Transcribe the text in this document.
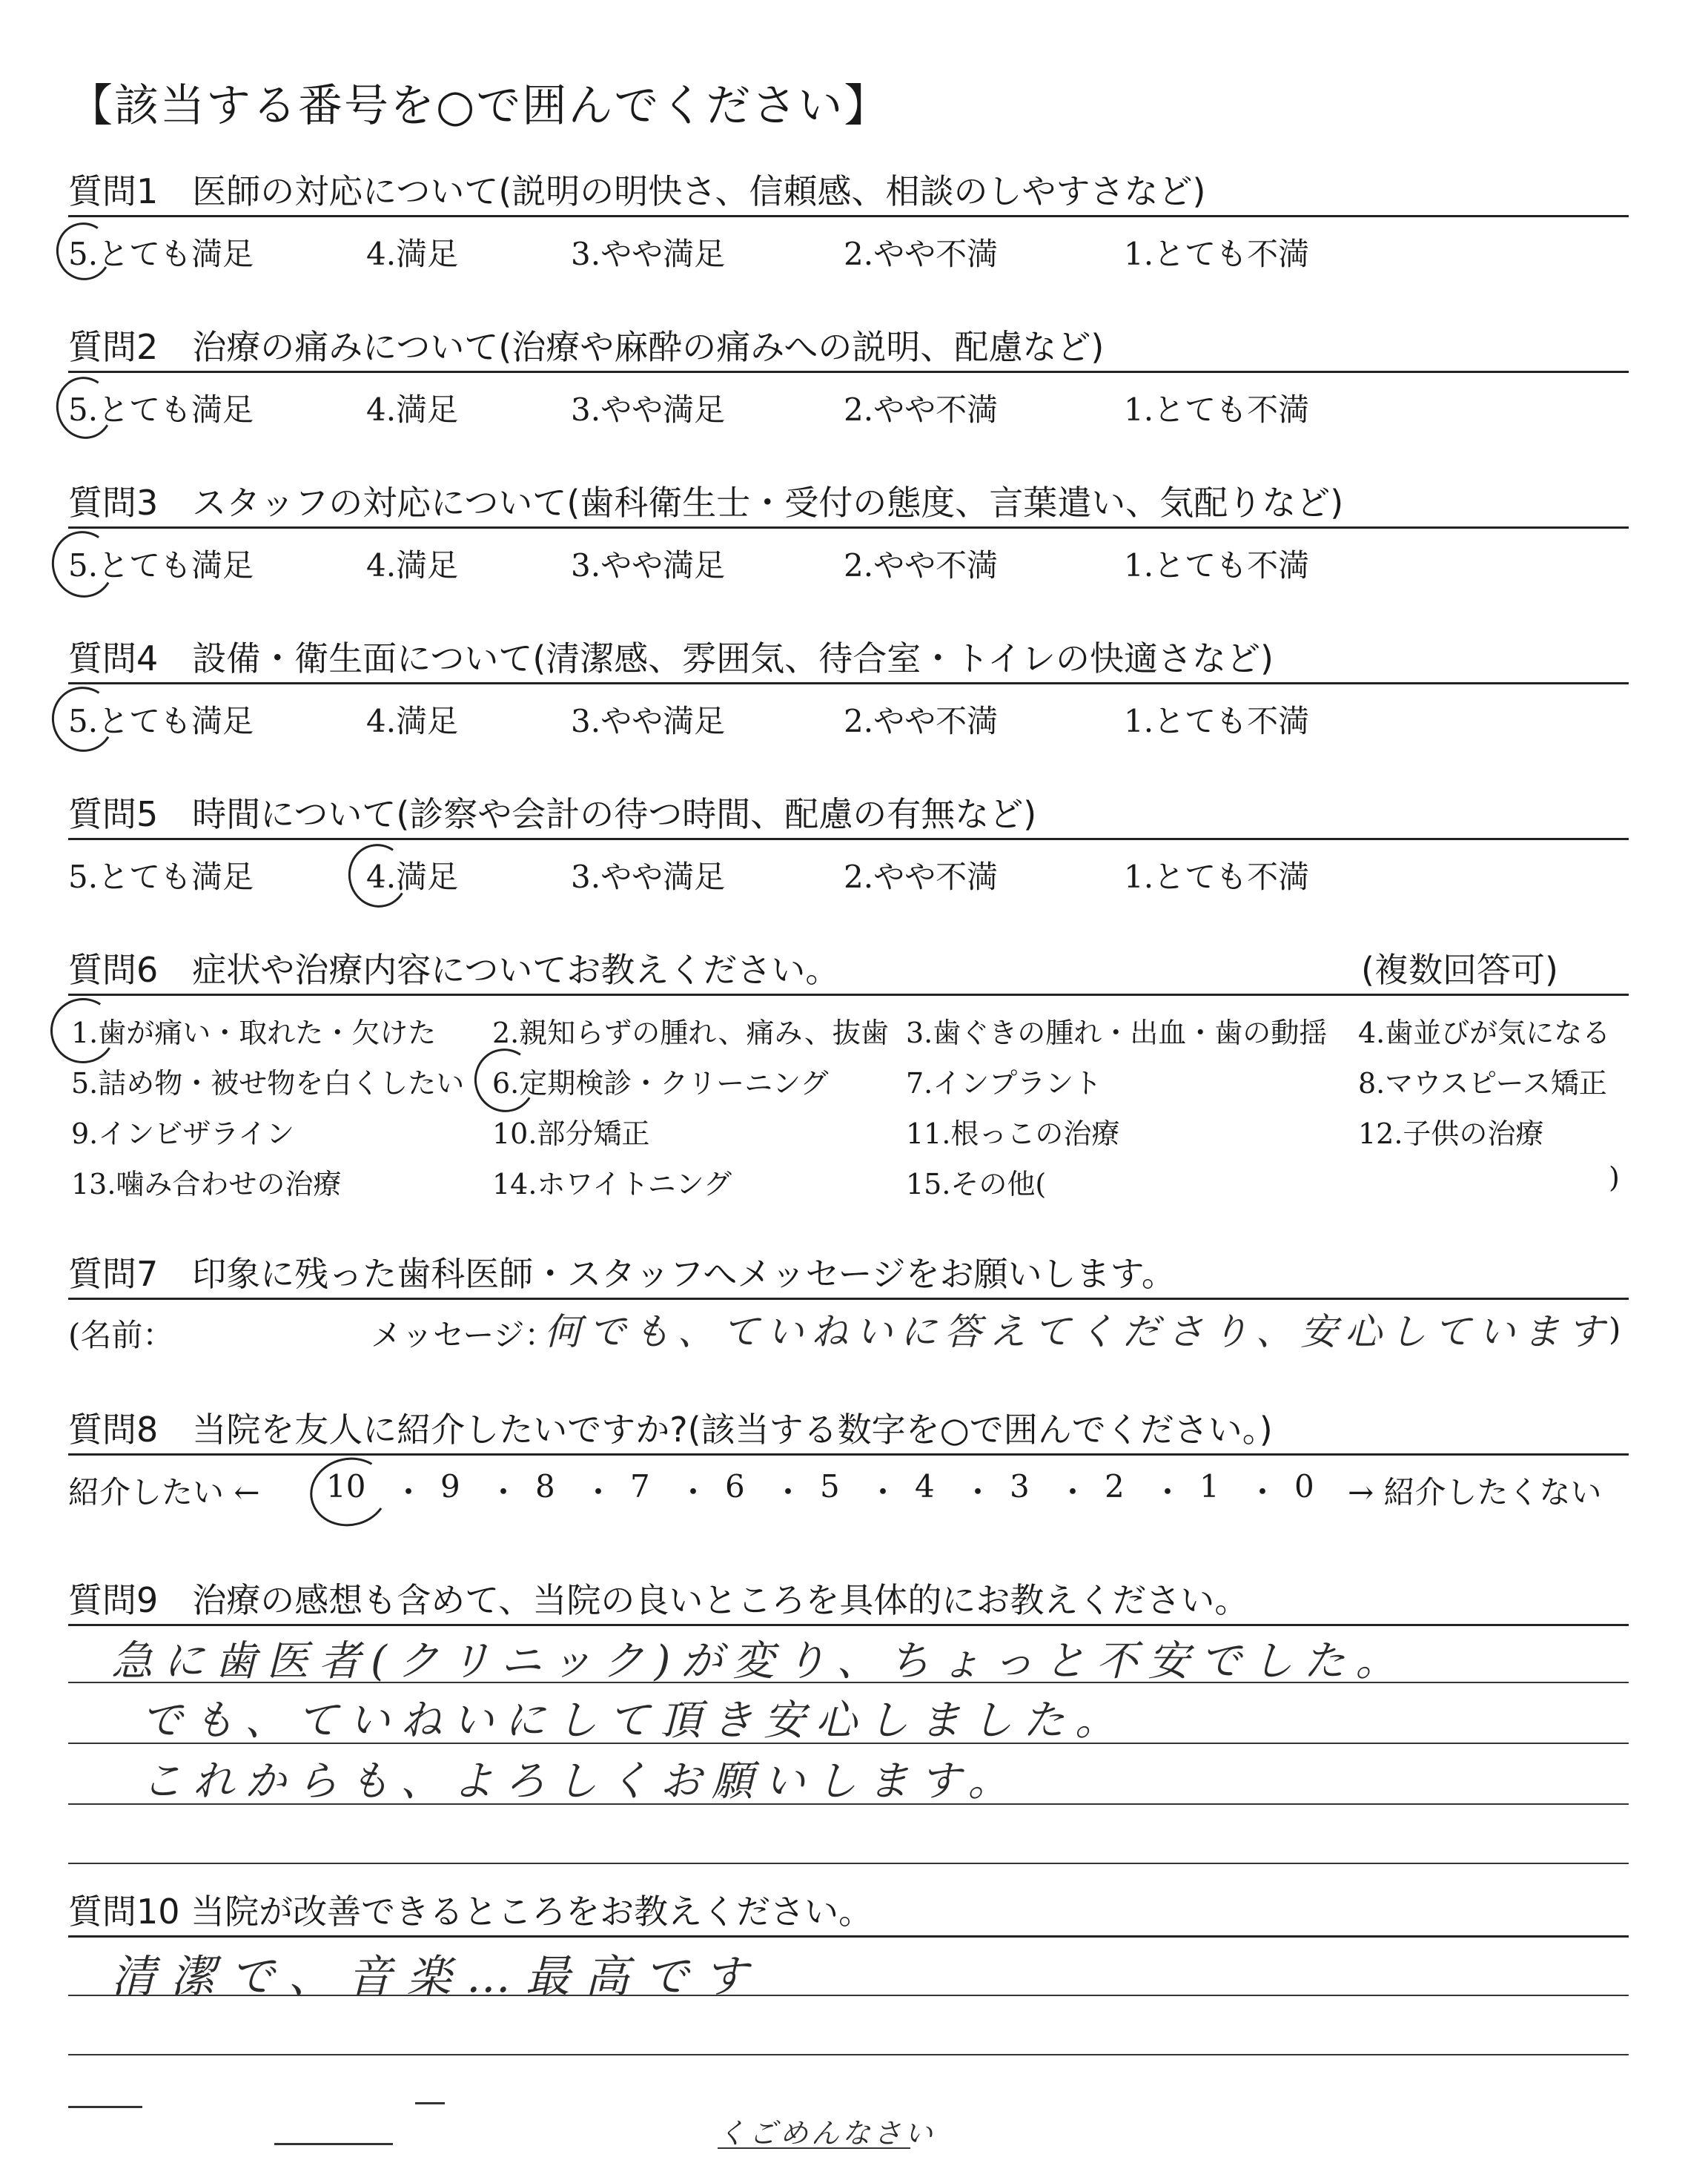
【該当する番号を○で囲んでください】
質問1　医師の対応について(説明の明快さ、信頼感、相談のしやすさなど)
5.とても満足	4.満足	3.やや満足	2.やや不満	1.とても不満
質問2　治療の痛みについて(治療や麻酔の痛みへの説明、配慮など)
5.とても満足	4.満足	3.やや満足	2.やや不満	1.とても不満
質問3　スタッフの対応について(歯科衛生士・受付の態度、言葉遣い、気配りなど)
5.とても満足	4.満足	3.やや満足	2.やや不満	1.とても不満
質問4　設備・衛生面について(清潔感、雰囲気、待合室・トイレの快適さなど)
5.とても満足	4.満足	3.やや満足	2.やや不満	1.とても不満
質問5　時間について(診察や会計の待つ時間、配慮の有無など)
5.とても満足	4.満足	3.やや満足	2.やや不満	1.とても不満
質問6　症状や治療内容についてお教えください。	(複数回答可)
1.歯が痛い・取れた・欠けた 2.親知らずの腫れ、痛み、抜歯 3.歯ぐきの腫れ・出血・歯の動揺 4.歯並びが気になる
5.詰め物・被せ物を白くしたい 6.定期検診・クリーニング	7.インプラント	8.マウスピース矯正
9.インビザライン	10.部分矯正	11.根っこの治療	12.子供の治療
13.噛み合わせの治療	14.ホワイトニング	15.その他(	)
質問7　印象に残った歯科医師・スタッフへメッセージをお願いします。
(名前：	メッセージ：
何でも、ていねいに答えてくださり、安心しています
)
質問8　当院を友人に紹介したいですか?(該当する数字を○で囲んでください。)
紹介したい ← 10 ・ 9 ・ 8 ・ 7 ・ 6 ・ 5 ・ 4 ・ 3 ・ 2 ・ 1 ・ 0 → 紹介したくない
質問9　治療の感想も含めて、当院の良いところを具体的にお教えください。
急に歯医者(クリニック)が変り、ちょっと不安でした。
でも、ていねいにして頂き安心しました。
これからも、よろしくお願いします。
質問10 当院が改善できるところをお教えください。
清潔で、音楽…最高です
くごめんなさい
